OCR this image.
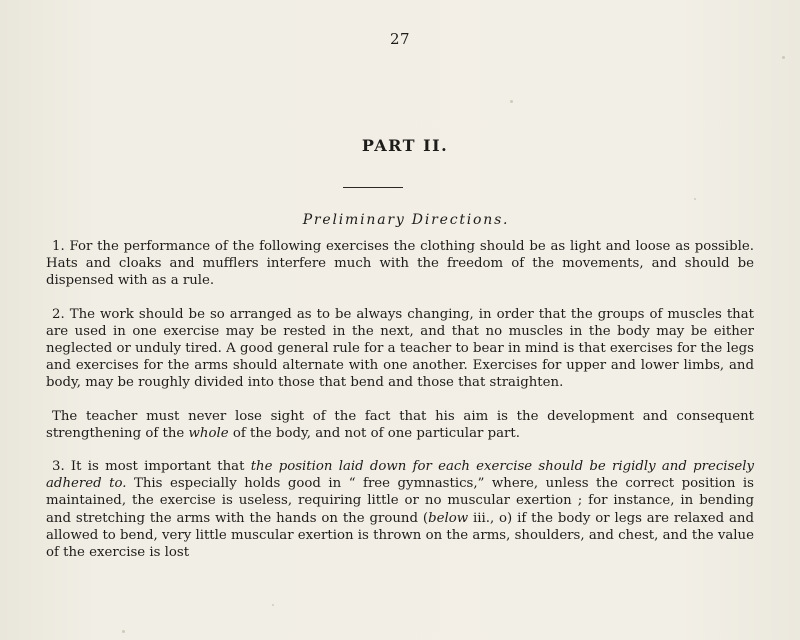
27
PART II.
Preliminary Directions.

1. For the performance of the following exercises the clothing should be as light and loose as possible. Hats and cloaks and mufflers interfere much with the freedom of the movements, and should be dispensed with as a rule.

2. The work should be so arranged as to be always changing, in order that the groups of muscles that are used in one exercise may be rested in the next, and that no muscles in the body may be either neglected or unduly tired. A good general rule for a teacher to bear in mind is that exercises for the legs and exercises for the arms should alternate with one another. Exercises for upper and lower limbs, and body, may be roughly divided into those that bend and those that straighten.

The teacher must never lose sight of the fact that his aim is the development and consequent strengthening of the whole of the body, and not of one particular part.

3. It is most important that the position laid down for each exercise should be rigidly and precisely adhered to. This especially holds good in “ free gymnastics,” where, unless the correct position is maintained, the exercise is useless, requiring little or no muscular exertion ; for instance, in bending and stretching the arms with the hands on the ground (below iii., o) if the body or legs are relaxed and allowed to bend, very little muscular exertion is thrown on the arms, shoulders, and chest, and the value of the exercise is lost
